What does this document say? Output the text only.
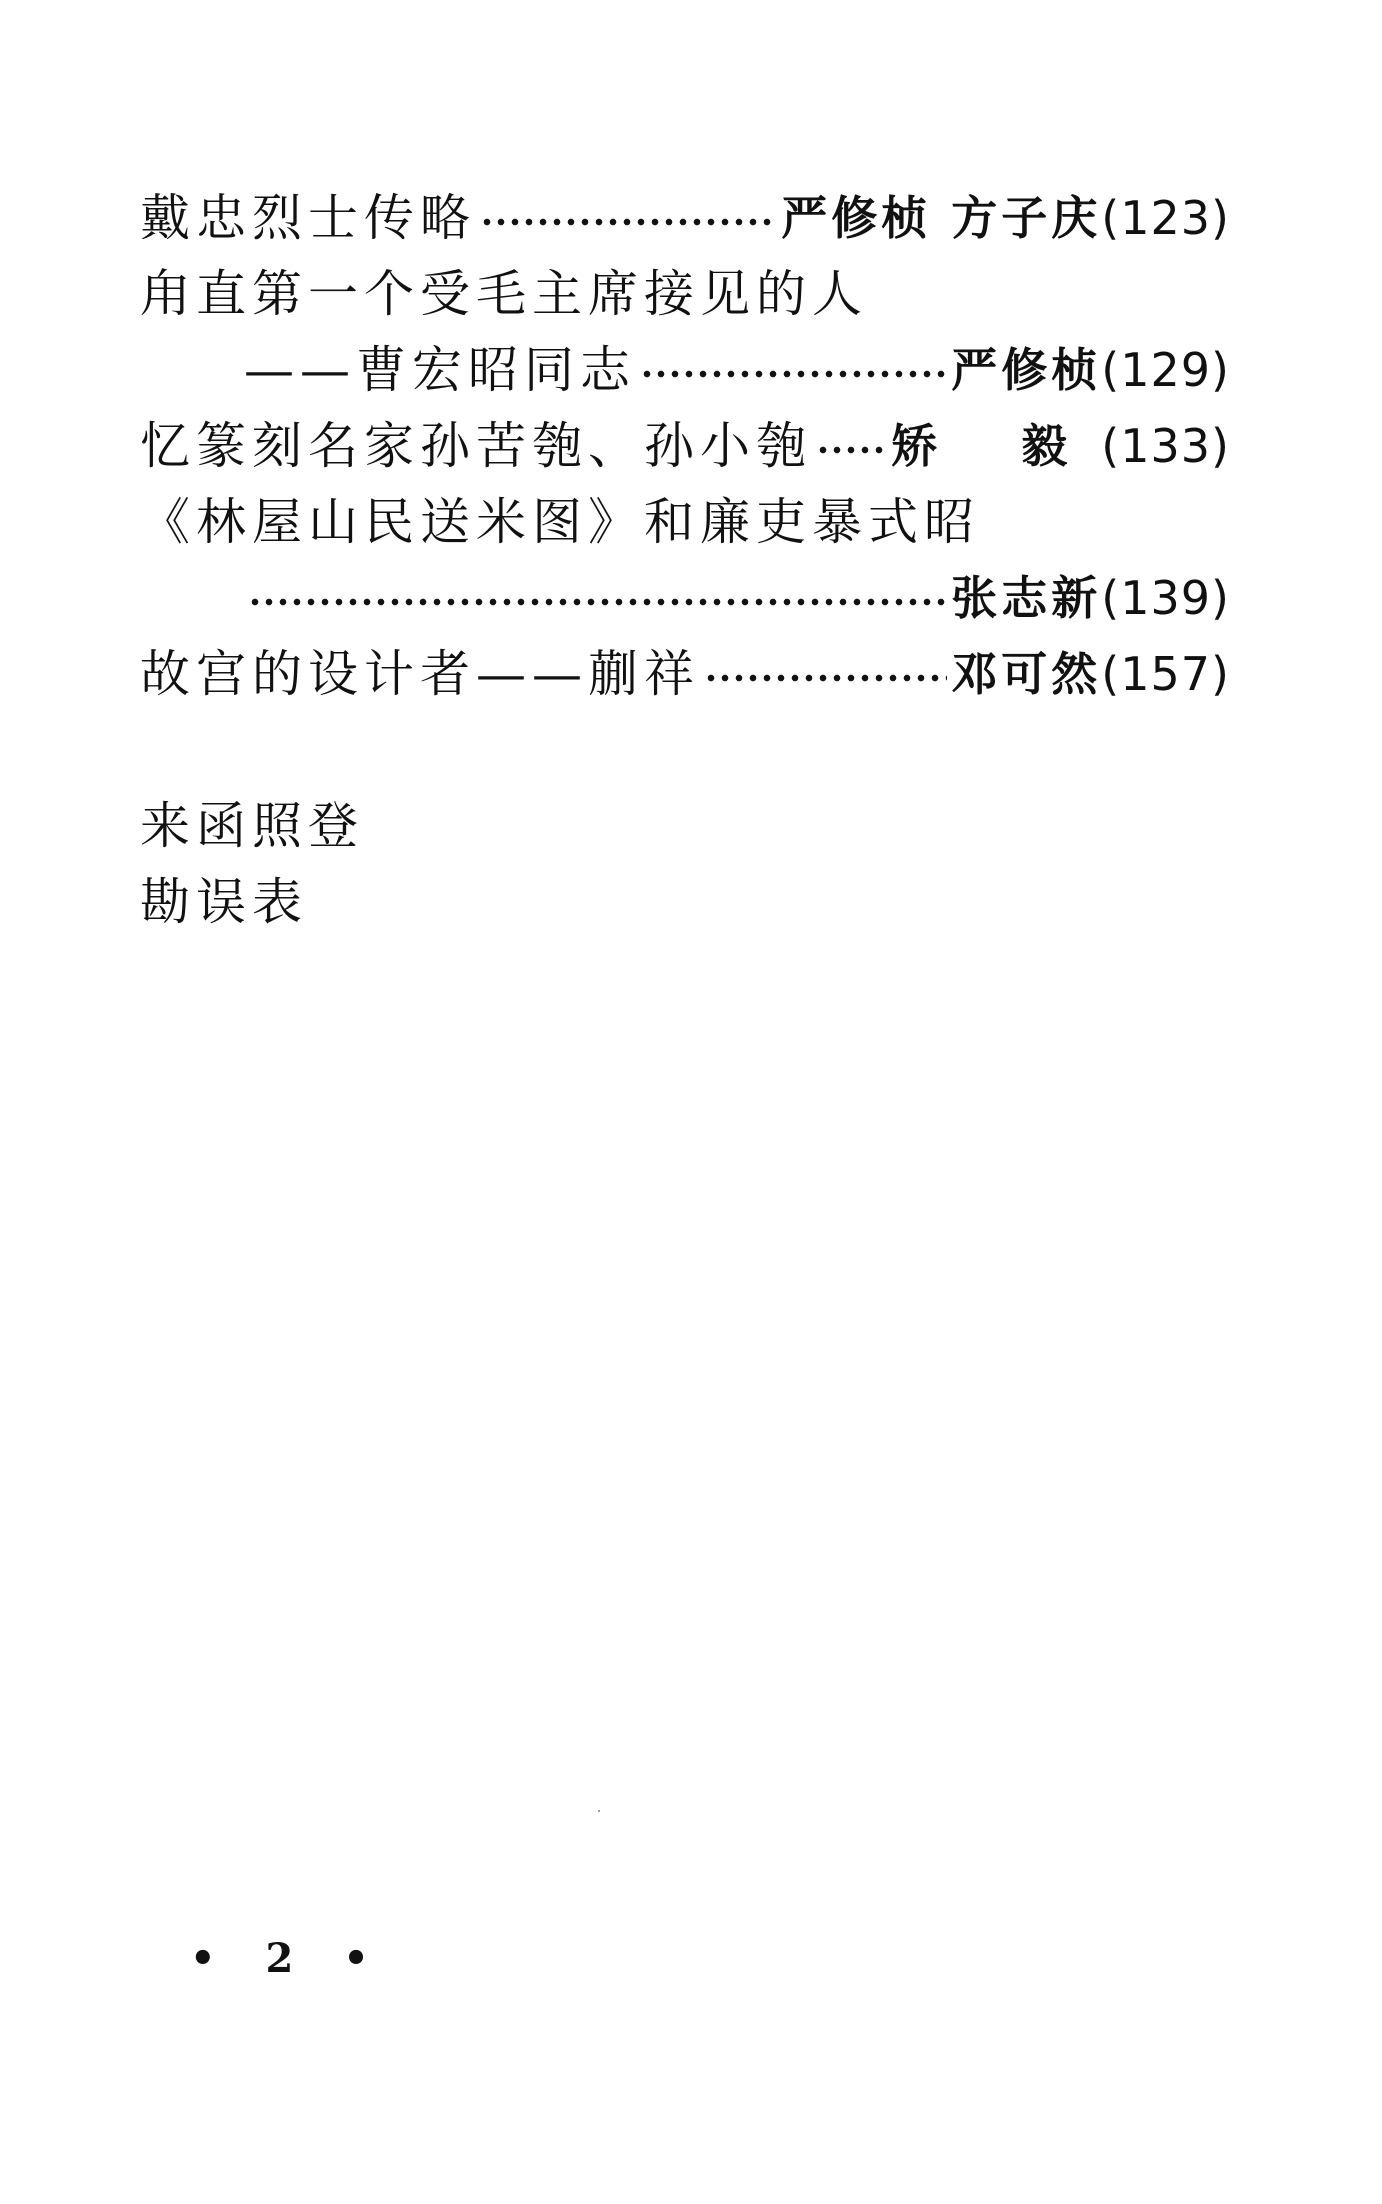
戴忠烈士传略	严修桢 方子庆 (123)
甪直第一个受毛主席接见的人
——曹宏昭同志	严修桢 (129)
忆篆刻名家孙苦匏、孙小匏 矫 毅 (133)
《林屋山民送米图》和廉吏暴式昭
张志新 (139)
故宫的设计者——蒯祥	邓可然 (157)
来函照登
勘误表
• 2 •
